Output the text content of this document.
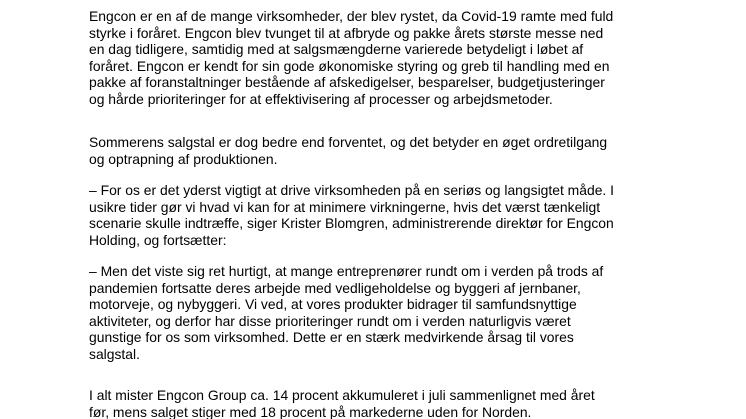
Engcon er en af de mange virksomheder, der blev rystet, da Covid-19 ramte med fuld
styrke i foråret. Engcon blev tvunget til at afbryde og pakke årets største messe ned
en dag tidligere, samtidig med at salgsmængderne varierede betydeligt i løbet af
foråret. Engcon er kendt for sin gode økonomiske styring og greb til handling med en
pakke af foranstaltninger bestående af afskedigelser, besparelser, budgetjusteringer
og hårde prioriteringer for at effektivisering af processer og arbejdsmetoder.

Sommerens salgstal er dog bedre end forventet, og det betyder en øget ordretilgang
og optrapning af produktionen.

– For os er det yderst vigtigt at drive virksomheden på en seriøs og langsigtet måde. I
usikre tider gør vi hvad vi kan for at minimere virkningerne, hvis det værst tænkeligt
scenarie skulle indtræffe, siger Krister Blomgren, administrerende direktør for Engcon
Holding, og fortsætter:

– Men det viste sig ret hurtigt, at mange entreprenører rundt om i verden på trods af
pandemien fortsatte deres arbejde med vedligeholdelse og byggeri af jernbaner,
motorveje, og nybyggeri. Vi ved, at vores produkter bidrager til samfundsnyttige
aktiviteter, og derfor har disse prioriteringer rundt om i verden naturligvis været
gunstige for os som virksomhed. Dette er en stærk medvirkende årsag til vores
salgstal.

I alt mister Engcon Group ca. 14 procent akkumuleret i juli sammenlignet med året
før, mens salget stiger med 18 procent på markederne uden for Norden.
